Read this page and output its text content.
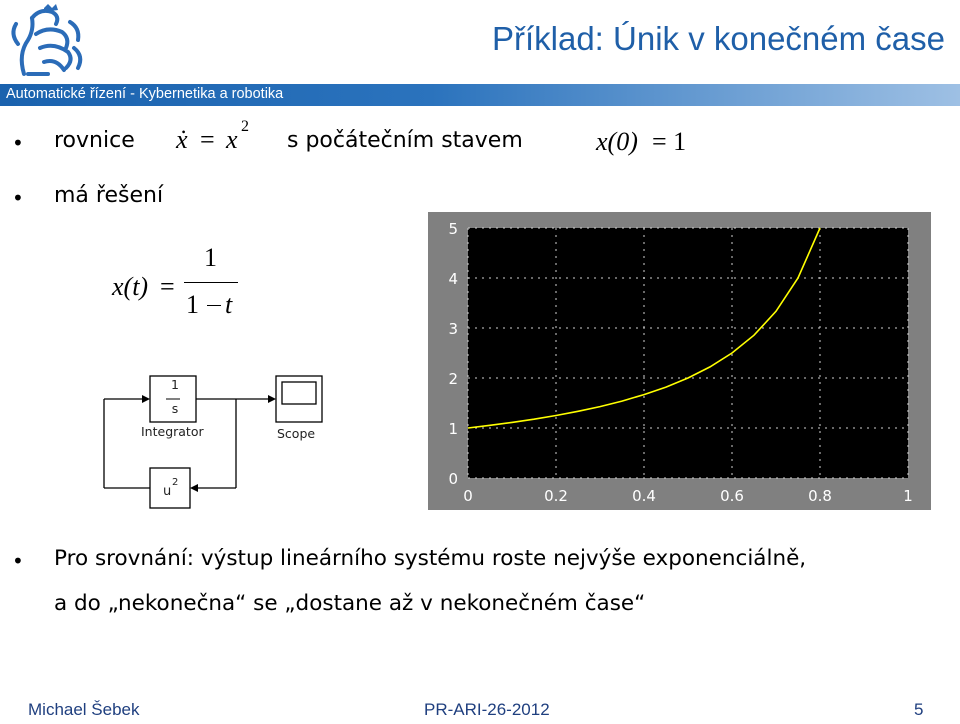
Příklad: Únik v konečném čase
Automatické řízení - Kybernetika a robotika
• rovnice ẋ = x 2
s počátečním stavem	x(0) = 1
• má řešení
x(t) =
1
1 t
1
s
Integrator	Scope
u
2	0
1
2
3
4
5
0	0.2	0.4	0.6	0.8	1
• Pro srovnání: výstup lineárního systému roste nejvýše exponenciálně,
a do „nekonečna“ se „dostane až v nekonečném čase“
Michael Šebek	PR-ARI-26-2012	5
